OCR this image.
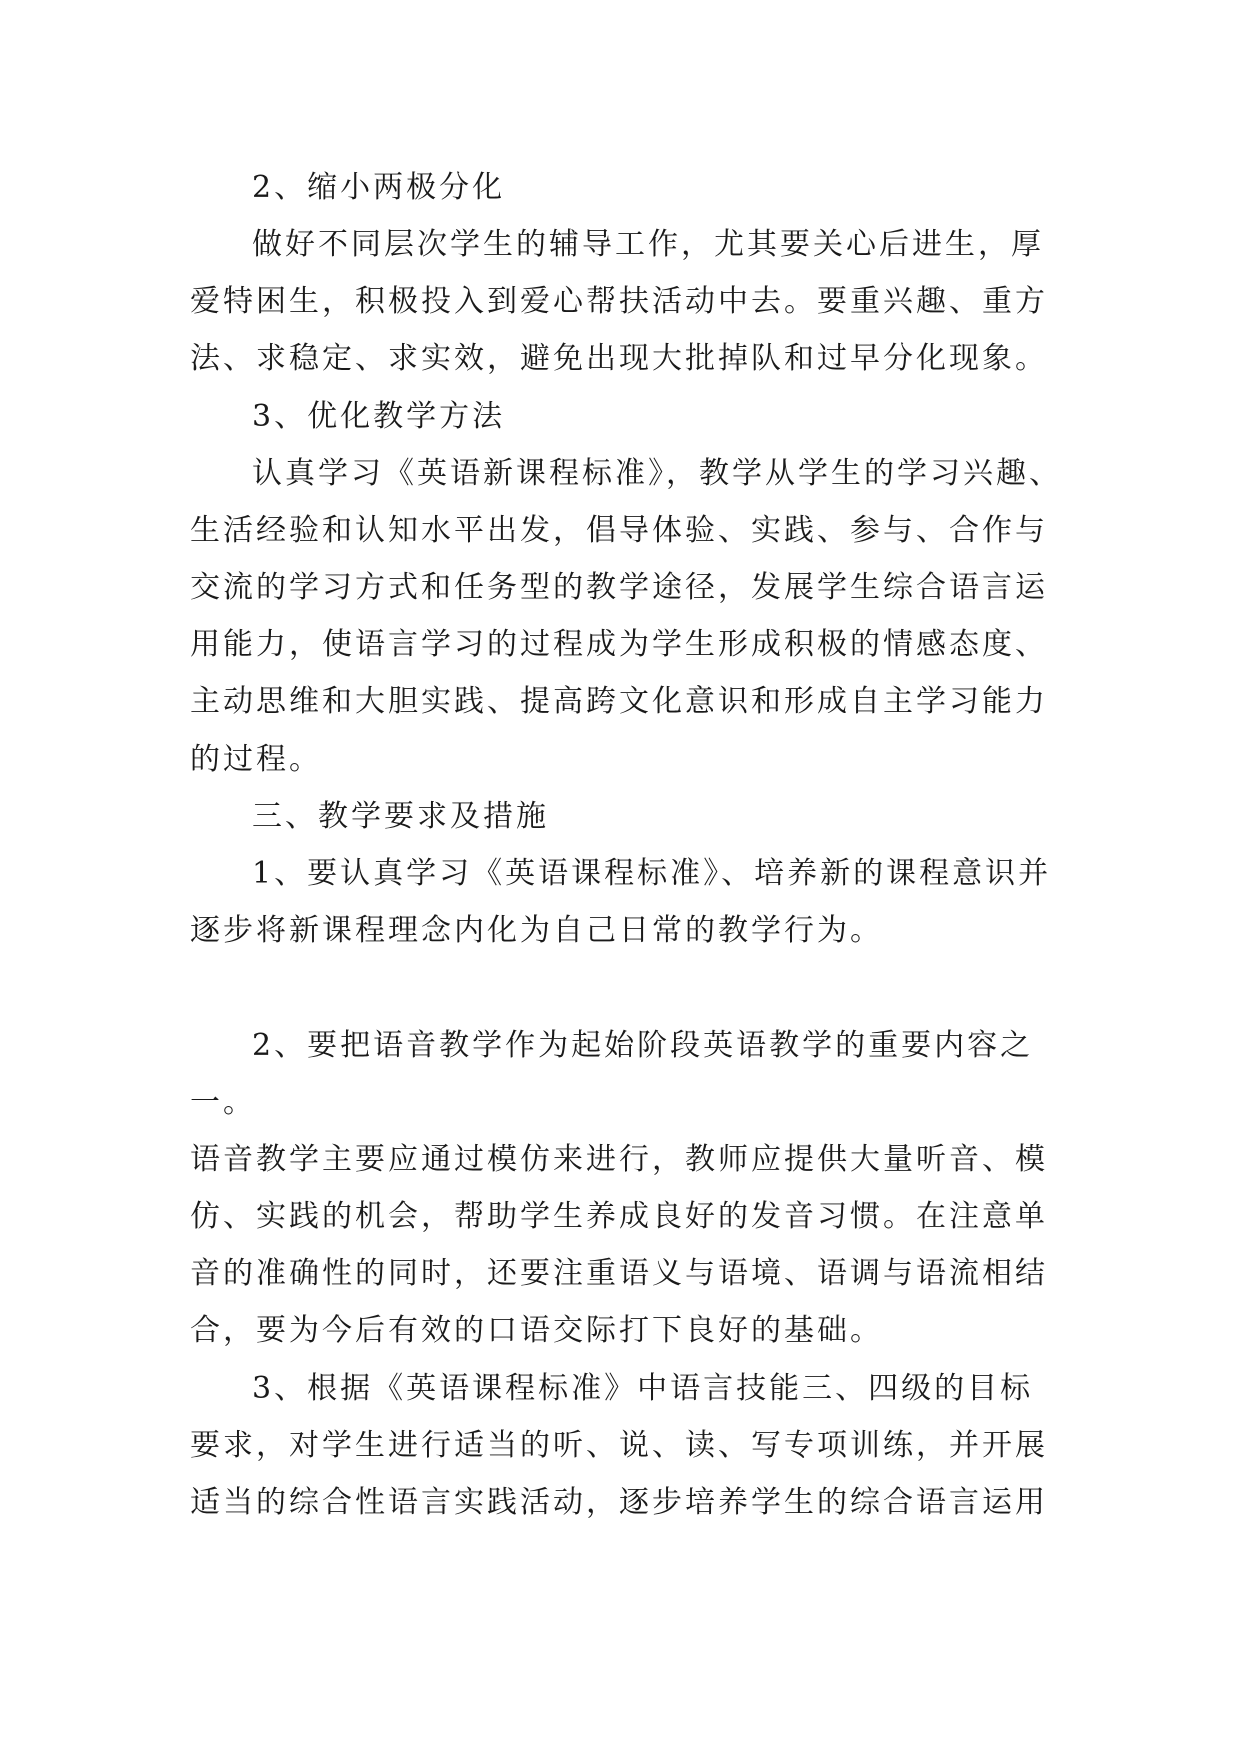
2、缩小两极分化
做好不同层次学生的辅导工作，尤其要关心后进生，厚
爱特困生，积极投入到爱心帮扶活动中去。要重兴趣、重方
法、求稳定、求实效，避免出现大批掉队和过早分化现象。
3、优化教学方法
认真学习《英语新课程标准》，教学从学生的学习兴趣、
生活经验和认知水平出发，倡导体验、实践、参与、合作与
交流的学习方式和任务型的教学途径，发展学生综合语言运
用能力，使语言学习的过程成为学生形成积极的情感态度、
主动思维和大胆实践、提高跨文化意识和形成自主学习能力
的过程。
三、教学要求及措施
1、要认真学习《英语课程标准》、培养新的课程意识并
逐步将新课程理念内化为自己日常的教学行为。
2、要把语音教学作为起始阶段英语教学的重要内容之
一。
语音教学主要应通过模仿来进行，教师应提供大量听音、模
仿、实践的机会，帮助学生养成良好的发音习惯。在注意单
音的准确性的同时，还要注重语义与语境、语调与语流相结
合，要为今后有效的口语交际打下良好的基础。
3、根据《英语课程标准》中语言技能三、四级的目标
要求，对学生进行适当的听、说、读、写专项训练，并开展
适当的综合性语言实践活动，逐步培养学生的综合语言运用
